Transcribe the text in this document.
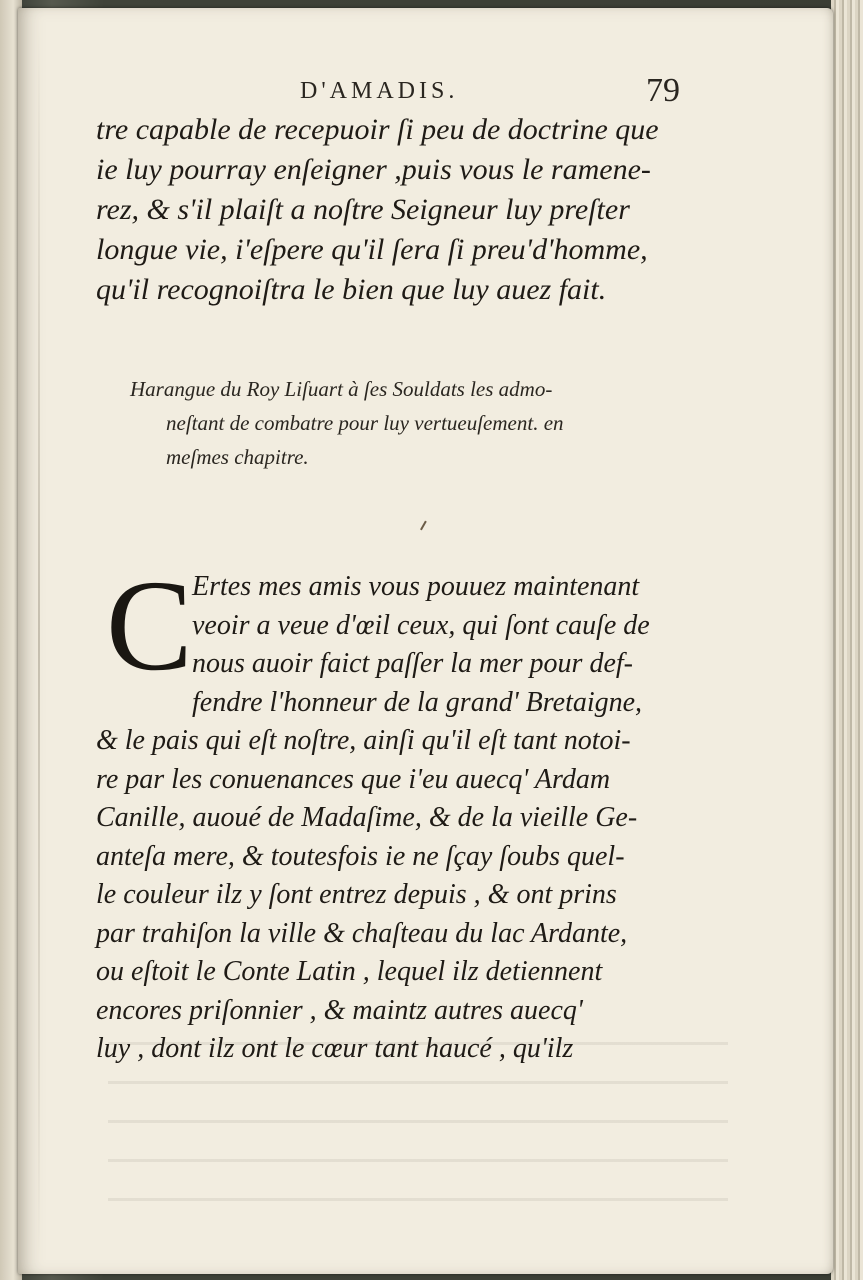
D'AMADIS.	79
tre capable de recepuoir ſi peu de doctrine que
ie luy pourray enſeigner ,puis vous le ramene-
rez, & s'il plaiſt a noſtre Seigneur luy preſter
longue vie, i'eſpere qu'il ſera ſi preu'd'homme,
qu'il recognoiſtra le bien que luy auez fait.
Harangue du Roy Liſuart à ſes Souldats les admo-
neſtant de combatre pour luy vertueuſement. en
meſmes chapitre.
C Ertes mes amis vous pouuez maintenant
veoir a veue d'œil ceux, qui ſont cauſe de
nous auoir faict paſſer la mer pour def-
fendre l'honneur de la grand' Bretaigne,
& le pais qui eſt noſtre, ainſi qu'il eſt tant notoi-
re par les conuenances que i'eu auecq' Ardam
Canille, auoué de Madaſime, & de la vieille Ge-
anteſa mere, & toutesfois ie ne ſçay ſoubs quel-
le couleur ilz y ſont entrez depuis , & ont prins
par trahiſon la ville & chaſteau du lac Ardante,
ou eſtoit le Conte Latin , lequel ilz detiennent
encores priſonnier , & maintz autres auecq'
luy , dont ilz ont le cœur tant haucé , qu'ilz
